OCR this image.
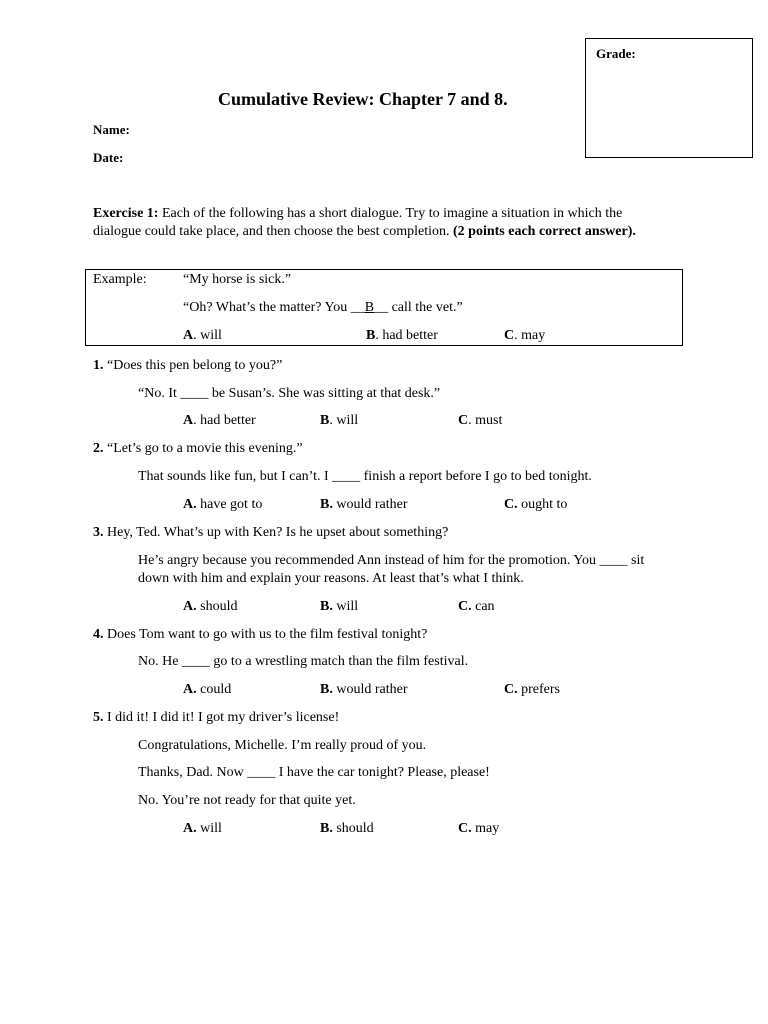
Grade:
Cumulative Review: Chapter 7 and 8.
Name:
Date:
Exercise 1: Each of the following has a short dialogue. Try to imagine a situation in which the dialogue could take place, and then choose the best completion. (2 points each correct answer).
Example:	“My horse is sick.”
“Oh? What’s the matter? You __B__ call the vet.”
A. will	B. had better	C. may
1. “Does this pen belong to you?”
“No. It ____ be Susan’s. She was sitting at that desk.”
A. had better	B. will	C. must
2. “Let’s go to a movie this evening.”
That sounds like fun, but I can’t. I ____ finish a report before I go to bed tonight.
A. have got to	B. would rather	C. ought to
3. Hey, Ted. What’s up with Ken? Is he upset about something?
He’s angry because you recommended Ann instead of him for the promotion. You ____ sit down with him and explain your reasons. At least that’s what I think.
A. should	B. will	C. can
4. Does Tom want to go with us to the film festival tonight?
No. He ____ go to a wrestling match than the film festival.
A. could	B. would rather	C. prefers
5. I did it! I did it! I got my driver’s license!
Congratulations, Michelle. I’m really proud of you.
Thanks, Dad. Now ____ I have the car tonight? Please, please!
No. You’re not ready for that quite yet.
A. will	B. should	C. may
